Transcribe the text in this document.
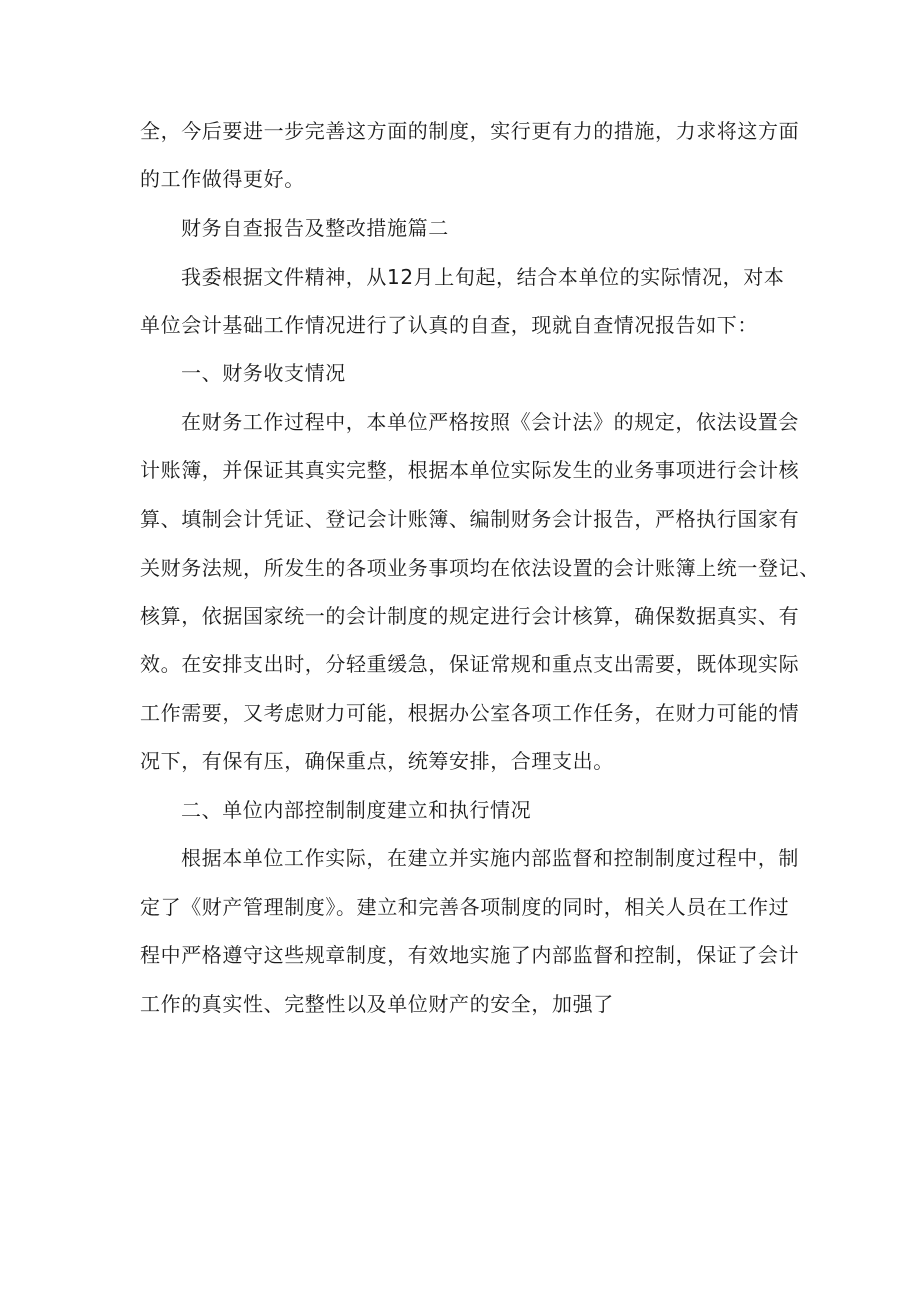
全，今后要进一步完善这方面的制度，实行更有力的措施，力求将这方面
的工作做得更好。
财务自查报告及整改措施篇二
我委根据文件精神，从12月上旬起，结合本单位的实际情况，对本
单位会计基础工作情况进行了认真的自查，现就自查情况报告如下：
一、财务收支情况
在财务工作过程中，本单位严格按照《会计法》的规定，依法设置会
计账簿，并保证其真实完整，根据本单位实际发生的业务事项进行会计核
算、填制会计凭证、登记会计账簿、编制财务会计报告，严格执行国家有
关财务法规，所发生的各项业务事项均在依法设置的会计账簿上统一登记、
核算，依据国家统一的会计制度的规定进行会计核算，确保数据真实、有
效。在安排支出时，分轻重缓急，保证常规和重点支出需要，既体现实际
工作需要，又考虑财力可能，根据办公室各项工作任务，在财力可能的情
况下，有保有压，确保重点，统筹安排，合理支出。
二、单位内部控制制度建立和执行情况
根据本单位工作实际，在建立并实施内部监督和控制制度过程中，制
定了《财产管理制度》。建立和完善各项制度的同时，相关人员在工作过
程中严格遵守这些规章制度，有效地实施了内部监督和控制，保证了会计
工作的真实性、完整性以及单位财产的安全，加强了
